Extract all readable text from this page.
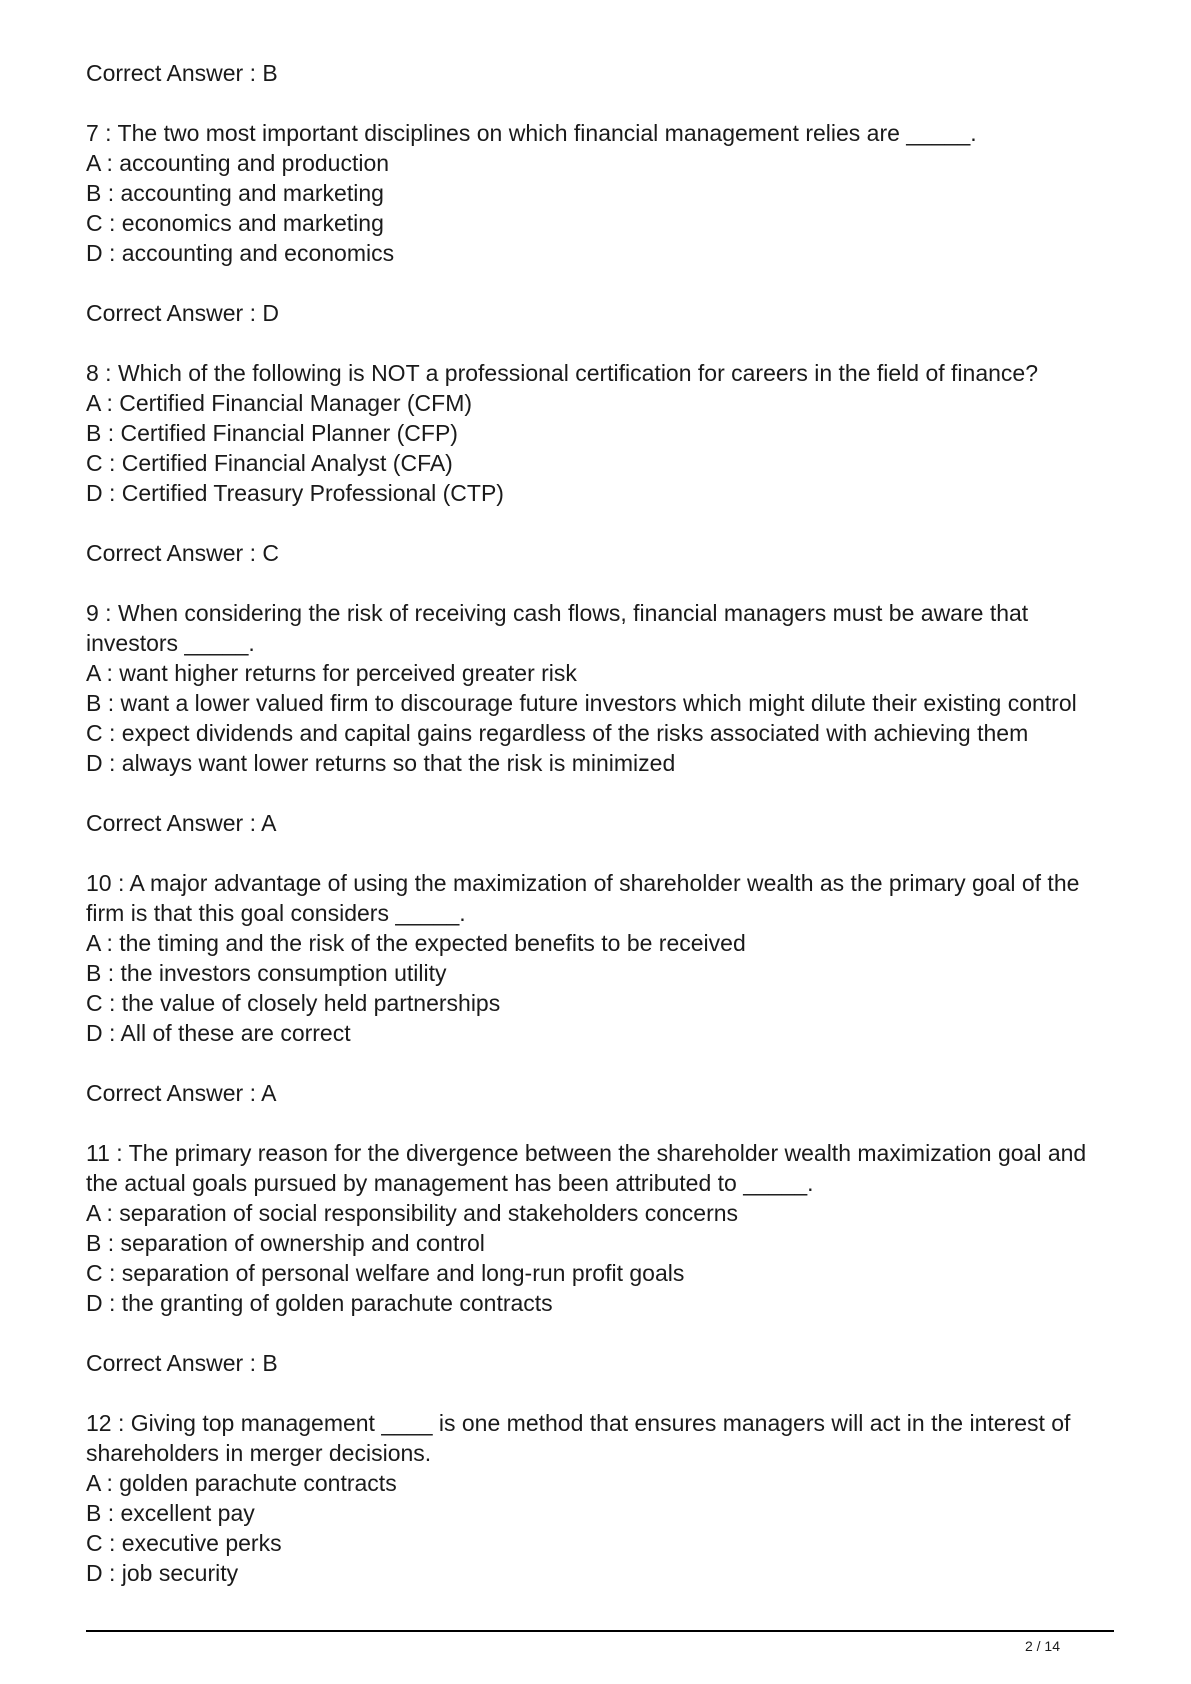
Correct Answer : B
7 : The two most important disciplines on which financial management relies are _____.
A : accounting and production
B : accounting and marketing
C : economics and marketing
D : accounting and economics
Correct Answer : D
8 : Which of the following is NOT a professional certification for careers in the field of finance?
A : Certified Financial Manager (CFM)
B : Certified Financial Planner (CFP)
C : Certified Financial Analyst (CFA)
D : Certified Treasury Professional (CTP)
Correct Answer : C
9 : When considering the risk of receiving cash flows, financial managers must be aware that investors _____.
A : want higher returns for perceived greater risk
B : want a lower valued firm to discourage future investors which might dilute their existing control
C : expect dividends and capital gains regardless of the risks associated with achieving them
D : always want lower returns so that the risk is minimized
Correct Answer : A
10 : A major advantage of using the maximization of shareholder wealth as the primary goal of the firm is that this goal considers _____.
A : the timing and the risk of the expected benefits to be received
B : the investors consumption utility
C : the value of closely held partnerships
D : All of these are correct
Correct Answer : A
11 : The primary reason for the divergence between the shareholder wealth maximization goal and the actual goals pursued by management has been attributed to _____.
A : separation of social responsibility and stakeholders concerns
B : separation of ownership and control
C : separation of personal welfare and long-run profit goals
D : the granting of golden parachute contracts
Correct Answer : B
12 : Giving top management ____ is one method that ensures managers will act in the interest of shareholders in merger decisions.
A : golden parachute contracts
B : excellent pay
C : executive perks
D : job security
2 / 14
